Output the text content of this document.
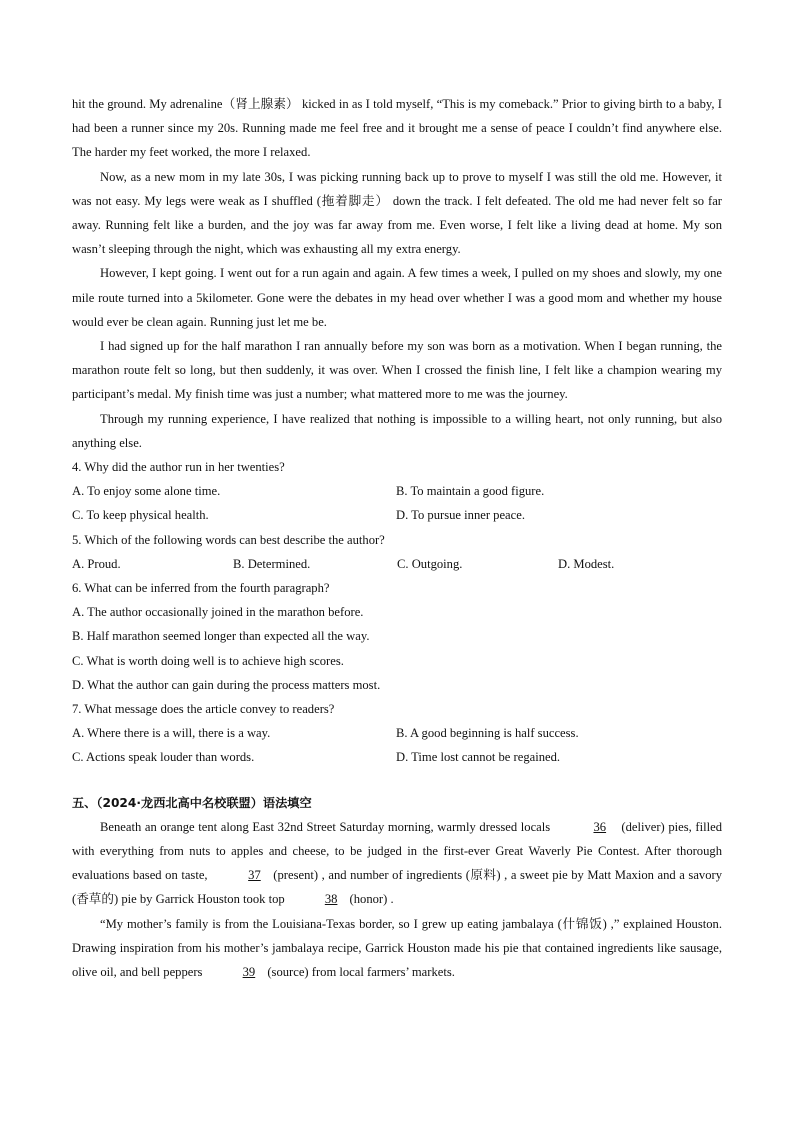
hit the ground. My adrenaline（肾上腺素） kicked in as I told myself, “This is my comeback.” Prior to giving birth to a baby, I had been a runner since my 20s. Running made me feel free and it brought me a sense of peace I couldn’t find anywhere else. The harder my feet worked, the more I relaxed.

Now, as a new mom in my late 30s, I was picking running back up to prove to myself I was still the old me. However, it was not easy. My legs were weak as I shuffled (拖着脚走） down the track. I felt defeated. The old me had never felt so far away. Running felt like a burden, and the joy was far away from me. Even worse, I felt like a living dead at home. My son wasn’t sleeping through the night, which was exhausting all my extra energy.

However, I kept going. I went out for a run again and again. A few times a week, I pulled on my shoes and slowly, my one mile route turned into a 5kilometer. Gone were the debates in my head over whether I was a good mom and whether my house would ever be clean again. Running just let me be.

I had signed up for the half marathon I ran annually before my son was born as a motivation. When I began running, the marathon route felt so long, but then suddenly, it was over. When I crossed the finish line, I felt like a champion wearing my participant’s medal. My finish time was just a number; what mattered more to me was the journey.

Through my running experience, I have realized that nothing is impossible to a willing heart, not only running, but also anything else.

4. Why did the author run in her twenties?

A. To enjoy some alone time.	B. To maintain a good figure.
C. To keep physical health.	D. To pursue inner peace.

5. Which of the following words can best describe the author?

A. Proud.	B. Determined.	C. Outgoing.	D. Modest.

6. What can be inferred from the fourth paragraph?

A. The author occasionally joined in the marathon before.

B. Half marathon seemed longer than expected all the way.

C. What is worth doing well is to achieve high scores.

D. What the author can gain during the process matters most.

7. What message does the article convey to readers?

A. Where there is a will, there is a way.	B. A good beginning is half success.
C. Actions speak louder than words.	D. Time lost cannot be regained.
五、（2024·龙西北高中名校联盟）语法填空

Beneath an orange tent along East 32nd Street Saturday morning, warmly dressed locals	36 (deliver) pies, filled with everything from nuts to apples and cheese, to be judged in the first-ever Great Waverly Pie Contest. After thorough evaluations based on taste,	37 (present) , and number of ingredients (原料) , a sweet pie by Matt Maxion and a savory (香草的) pie by Garrick Houston took top	38 (honor) .

“My mother’s family is from the Louisiana-Texas border, so I grew up eating jambalaya (什锦饭) ,” explained Houston. Drawing inspiration from his mother’s jambalaya recipe, Garrick Houston made his pie that contained ingredients like sausage, olive oil, and bell peppers	39 (source) from local farmers’ markets.
